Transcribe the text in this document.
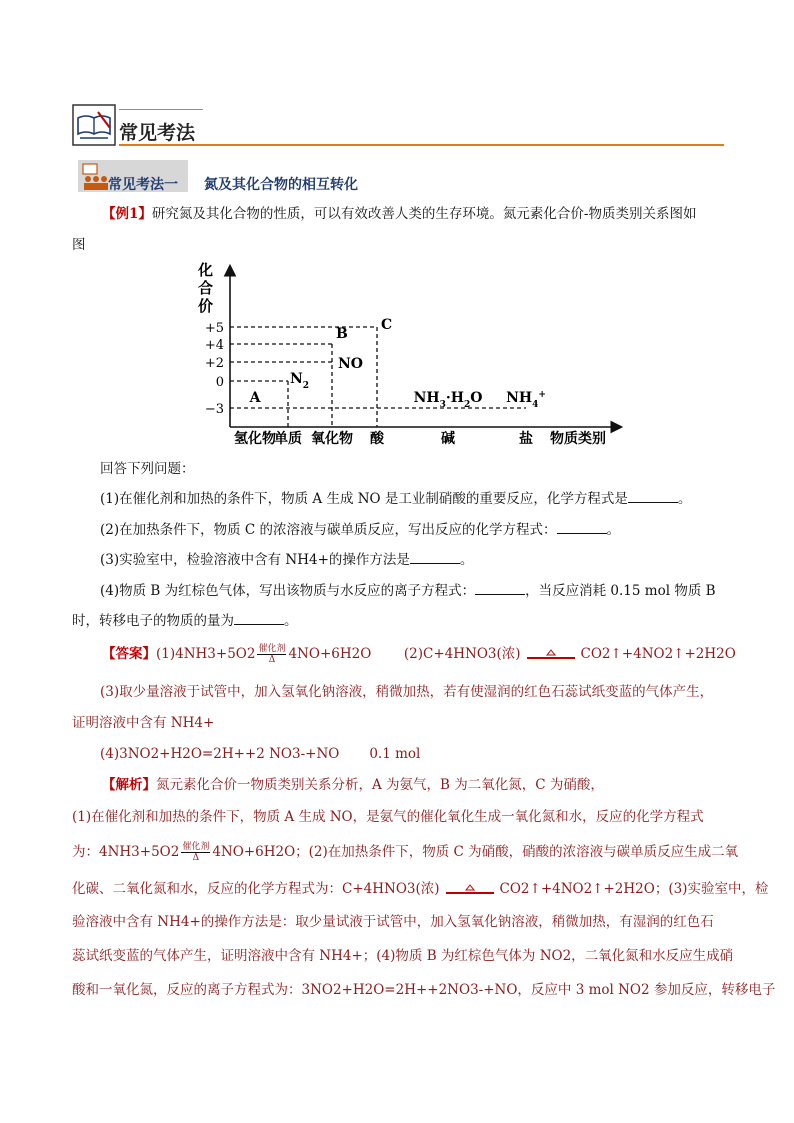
常见考法
常见考法一 氮及其化合物的相互转化
【例1】研究氮及其化合物的性质，可以有效改善人类的生存环境。氮元素化合价-物质类别关系图如
图
化
合
价
+5
+4
+2
0
−3
A
$N_2$
NO
B
C
$NH_3\cdot H_2O$ $NH_4^+$
氢化物
单质 氧化物 酸	碱	盐 物质类别
回答下列问题：
(1)在催化剂和加热的条件下，物质 A 生成 NO 是工业制硝酸的重要反应，化学方程式是	。
(2)在加热条件下，物质 C 的浓溶液与碳单质反应，写出反应的化学方程式：	。
(3)实验室中，检验溶液中含有 NH4+的操作方法是	。
(4)物质 B 为红棕色气体，写出该物质与水反应的离子方程式：	，当反应消耗 0.15 mol 物质 B
时，转移电子的物质的量为	。
【答案】$(1)4NH3+5O2 \frac{\text{催化剂}}{\Delta} 4NO+6H2O$ (2)C+4HNO3(浓)	CO2↑+4NO2↑+2H2O
(3)取少量溶液于试管中，加入氢氧化钠溶液，稍微加热，若有使湿润的红色石蕊试纸变蓝的气体产生，
证明溶液中含有 NH4+
(4)3NO2+H2O=2H++2 NO3-+NO 0.1 mol
【解析】氮元素化合价一物质类别关系分析，A 为氨气，B 为二氧化氮，C 为硝酸，
(1)在催化剂和加热的条件下，物质 A 生成 NO，是氨气的催化氧化生成一氧化氮和水，反应的化学方程式
为：$4NH3+5O2 \frac{\text{催化剂}}{\Delta} 4NO+6H2O$；(2)在加热条件下，物质 C 为硝酸，硝酸的浓溶液与碳单质反应生成二氧
化碳、二氧化氮和水，反应的化学方程式为：C+4HNO3(浓)	CO2↑+4NO2↑+2H2O；(3)实验室中，检
验溶液中含有 NH4+的操作方法是：取少量试液于试管中，加入氢氧化钠溶液，稍微加热，有湿润的红色石
蕊试纸变蓝的气体产生，证明溶液中含有 NH4+；(4)物质 B 为红棕色气体为 NO2，二氧化氮和水反应生成硝
酸和一氧化氮，反应的离子方程式为：3NO2+H2O=2H++2NO3-+NO，反应中 3 mol NO2 参加反应，转移电子
